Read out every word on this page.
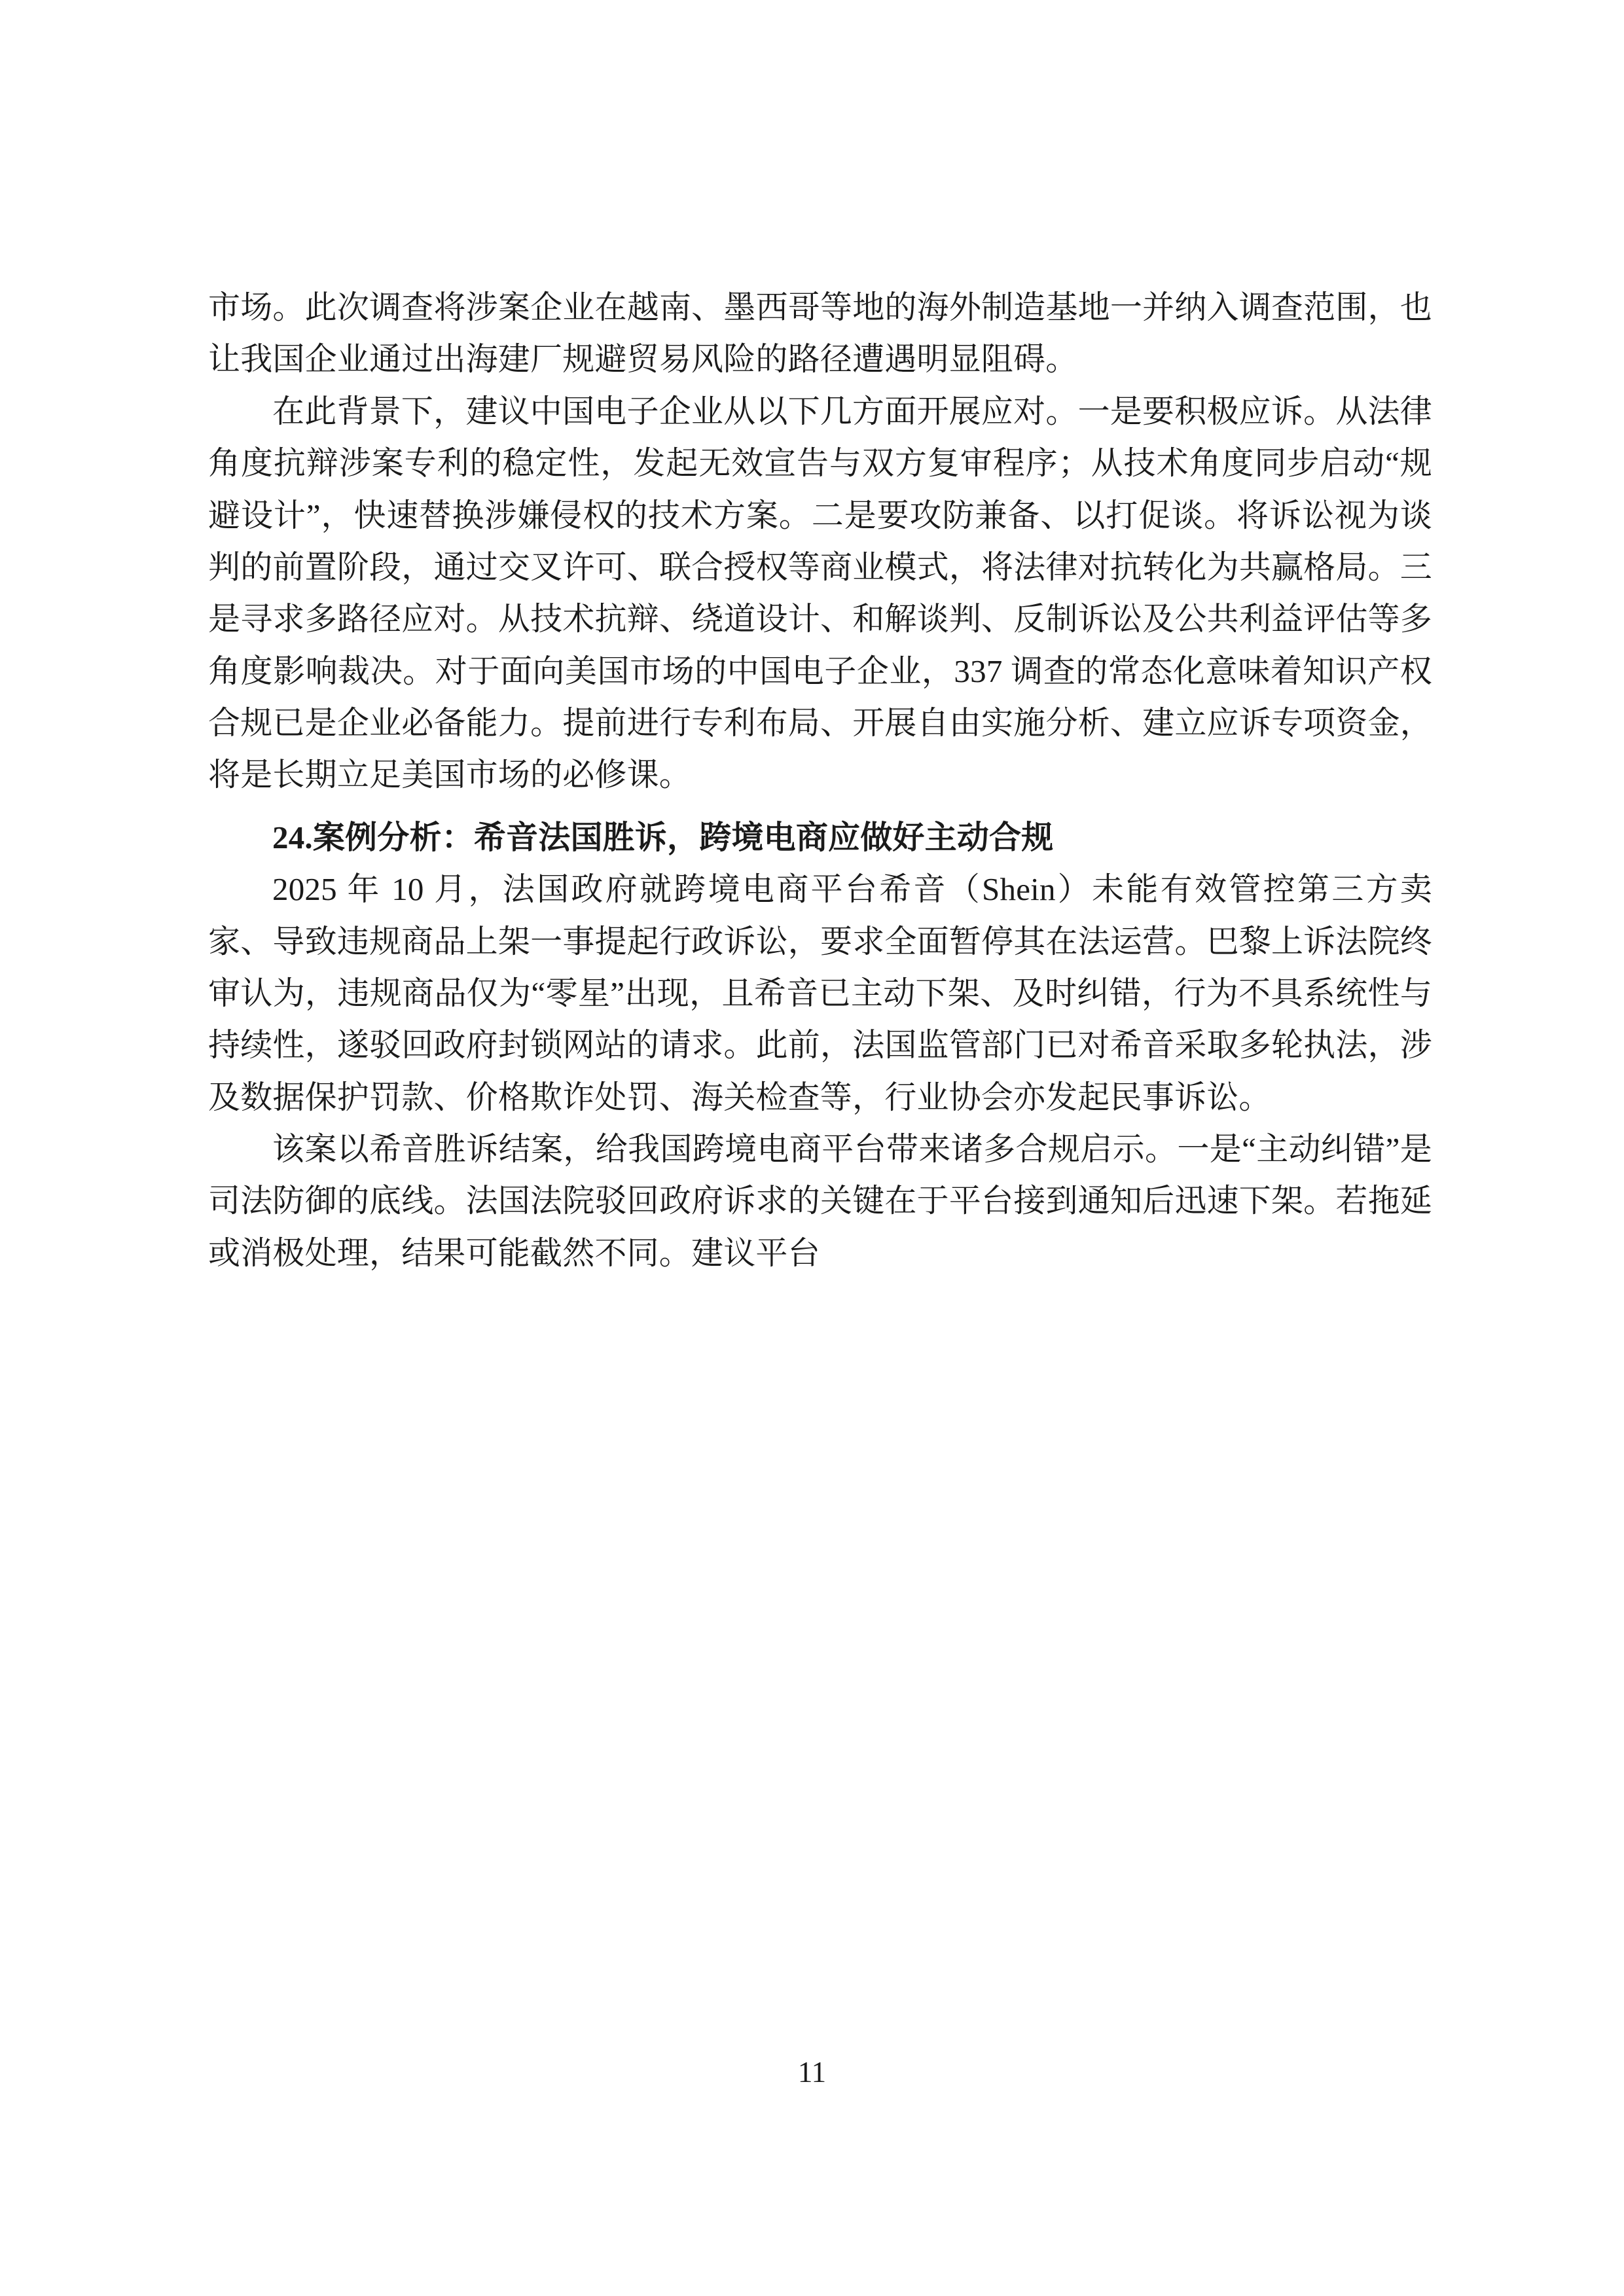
市场。此次调查将涉案企业在越南、墨西哥等地的海外制造基地一并纳入调查范围，也让我国企业通过出海建厂规避贸易风险的路径遭遇明显阻碍。

在此背景下，建议中国电子企业从以下几方面开展应对。一是要积极应诉。从法律角度抗辩涉案专利的稳定性，发起无效宣告与双方复审程序；从技术角度同步启动“规避设计”，快速替换涉嫌侵权的技术方案。二是要攻防兼备、以打促谈。将诉讼视为谈判的前置阶段，通过交叉许可、联合授权等商业模式，将法律对抗转化为共赢格局。三是寻求多路径应对。从技术抗辩、绕道设计、和解谈判、反制诉讼及公共利益评估等多角度影响裁决。对于面向美国市场的中国电子企业，337 调查的常态化意味着知识产权合规已是企业必备能力。提前进行专利布局、开展自由实施分析、建立应诉专项资金，将是长期立足美国市场的必修课。

24.案例分析：希音法国胜诉，跨境电商应做好主动合规

2025 年 10 月，法国政府就跨境电商平台希音（Shein）未能有效管控第三方卖家、导致违规商品上架一事提起行政诉讼，要求全面暂停其在法运营。巴黎上诉法院终审认为，违规商品仅为“零星”出现，且希音已主动下架、及时纠错，行为不具系统性与持续性，遂驳回政府封锁网站的请求。此前，法国监管部门已对希音采取多轮执法，涉及数据保护罚款、价格欺诈处罚、海关检查等，行业协会亦发起民事诉讼。

该案以希音胜诉结案，给我国跨境电商平台带来诸多合规启示。一是“主动纠错”是司法防御的底线。法国法院驳回政府诉求的关键在于平台接到通知后迅速下架。若拖延或消极处理，结果可能截然不同。建议平台

11
